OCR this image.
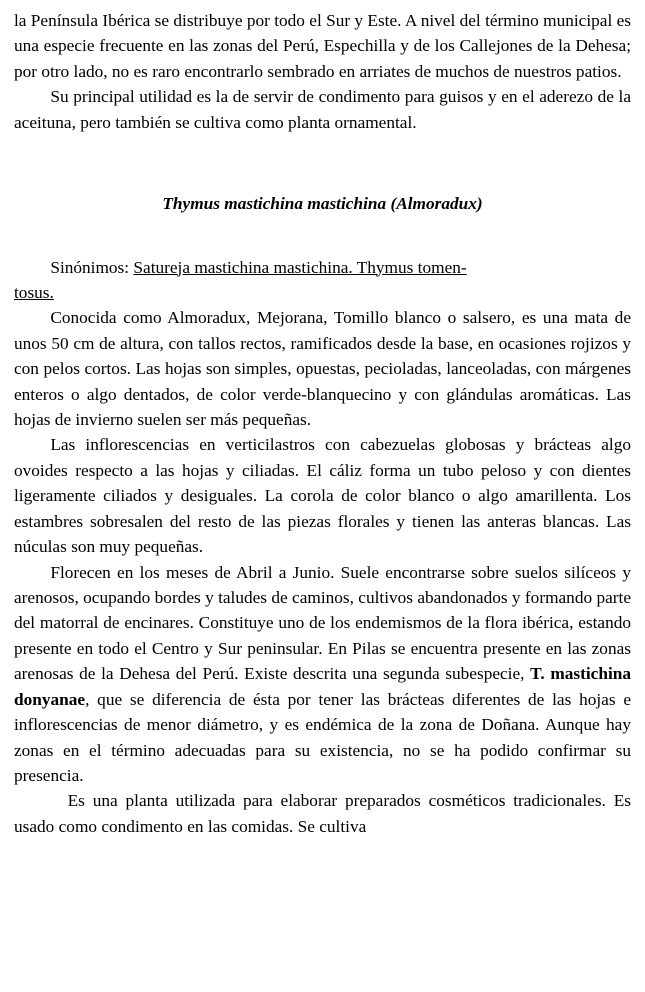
la Península Ibérica se distribuye por todo el Sur y Este. A nivel del término municipal es una especie frecuente en las zonas del Perú, Espechilla y de los Callejones de la Dehesa; por otro lado, no es raro encontrarlo sembrado en arriates de muchos de nuestros patios.

Su principal utilidad es la de servir de condimento para guisos y en el aderezo de la aceituna, pero también se cultiva como planta ornamental.

Thymus mastichina mastichina (Almoradux)

Sinónimos: Satureja mastichina mastichina. Thymus tomen-

tosus.

Conocida como Almoradux, Mejorana, Tomillo blanco o salsero, es una mata de unos 50 cm de altura, con tallos rectos, ramificados desde la base, en ocasiones rojizos y con pelos cortos. Las hojas son simples, opuestas, pecioladas, lanceoladas, con márgenes enteros o algo dentados, de color verde-blanquecino y con glándulas aromáticas. Las hojas de invierno suelen ser más pequeñas.

Las inflorescencias en verticilastros con cabezuelas globosas y brácteas algo ovoides respecto a las hojas y ciliadas. El cáliz forma un tubo peloso y con dientes ligeramente ciliados y desiguales. La corola de color blanco o algo amarillenta. Los estambres sobresalen del resto de las piezas florales y tienen las anteras blancas. Las núculas son muy pequeñas.

Florecen en los meses de Abril a Junio. Suele encontrarse sobre suelos silíceos y arenosos, ocupando bordes y taludes de caminos, cultivos abandonados y formando parte del matorral de encinares. Constituye uno de los endemismos de la flora ibérica, estando presente en todo el Centro y Sur peninsular. En Pilas se encuentra presente en las zonas arenosas de la Dehesa del Perú. Existe descrita una segunda subespecie, T. mastichina donyanae, que se diferencia de ésta por tener las brácteas diferentes de las hojas e inflorescencias de menor diámetro, y es endémica de la zona de Doñana. Aunque hay zonas en el término adecuadas para su existencia, no se ha podido confirmar su presencia.

Es una planta utilizada para elaborar preparados cosméticos tradicionales. Es usado como condimento en las comidas. Se cultiva
